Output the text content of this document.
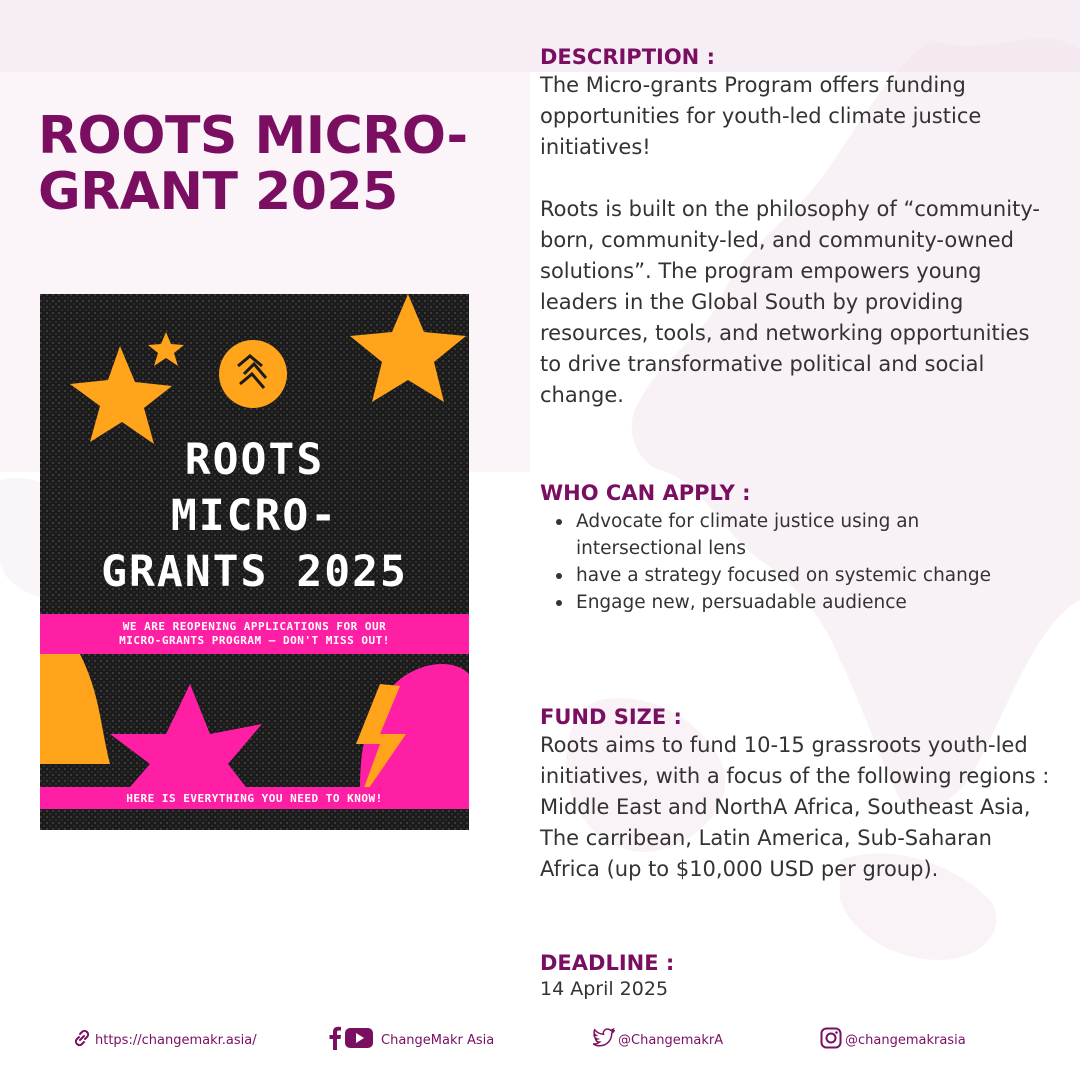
ROOTS MICRO-GRANT 2025
ROOTS
MICRO-
GRANTS 2025
WE ARE REOPENING APPLICATIONS FOR OUR
MICRO-GRANTS PROGRAM — DON'T MISS OUT!
HERE IS EVERYTHING YOU NEED TO KNOW!
DESCRIPTION :

The Micro-grants Program offers funding opportunities for youth-led climate justice initiatives!

Roots is built on the philosophy of “community-born, community-led, and community-owned solutions”. The program empowers young leaders in the Global South by providing resources, tools, and networking opportunities to drive transformative political and social change.

WHO CAN APPLY :
Advocate for climate justice using an intersectional lens
have a strategy focused on systemic change
Engage new, persuadable audience
FUND SIZE :

Roots aims to fund 10-15 grassroots youth-led initiatives, with a focus of the following regions : Middle East and NorthA Africa, Southeast Asia, The carribean, Latin America, Sub-Saharan Africa (up to $10,000 USD per group).

DEADLINE :

14 April 2025

https://changemakr.asia/	ChangeMakr Asia	@ChangemakrA	@changemakrasia
